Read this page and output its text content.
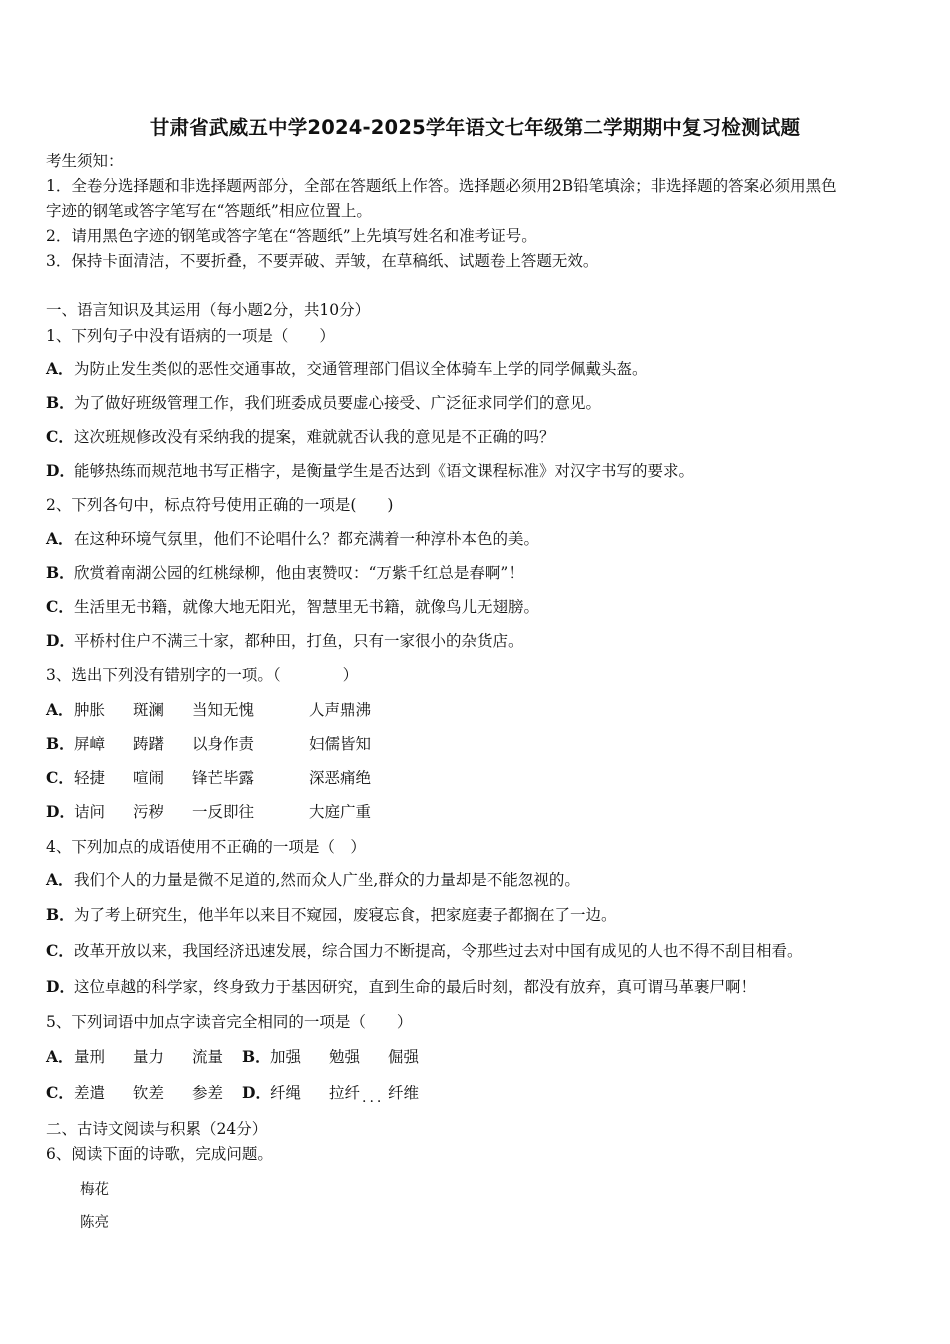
甘肃省武威五中学2024-2025学年语文七年级第二学期期中复习检测试题
考生须知：
1．全卷分选择题和非选择题两部分，全部在答题纸上作答。选择题必须用2B铅笔填涂；非选择题的答案必须用黑色
字迹的钢笔或答字笔写在“答题纸”相应位置上。
2．请用黑色字迹的钢笔或答字笔在“答题纸”上先填写姓名和准考证号。
3．保持卡面清洁，不要折叠，不要弄破、弄皱，在草稿纸、试题卷上答题无效。
一、语言知识及其运用（每小题2分，共10分）
1、下列句子中没有语病的一项是（　　）
A．为防止发生类似的恶性交通事故，交通管理部门倡议全体骑车上学的同学佩戴头盔。
B．为了做好班级管理工作，我们班委成员要虚心接受、广泛征求同学们的意见。
C．这次班规修改没有采纳我的提案，难就就否认我的意见是不正确的吗？
D．能够热练而规范地书写正楷字，是衡量学生是否达到《语文课程标准》对汉字书写的要求。
2、下列各句中，标点符号使用正确的一项是(　　)
A．在这种环境气氛里，他们不论唱什么？都充满着一种淳朴本色的美。
B．欣赏着南湖公园的红桃绿柳，他由衷赞叹：“万紫千红总是春啊”！
C．生活里无书籍，就像大地无阳光，智慧里无书籍，就像鸟儿无翅膀。
D．平桥村住户不满三十家，都种田，打鱼，只有一家很小的杂货店。
3、选出下列没有错别字的一项。（　　　　）
A． 肿胀 斑澜 当知无愧	人声鼎沸
B． 屏嶂 踌躇 以身作责	妇儒皆知
C． 轻捷 喧闹 锋芒毕露	深恶痛绝
D． 诘问 污秽 一反即往	大庭广重
4、下列加点的成语使用不正确的一项是（　）
A．我们个人的力量是微不足道的,然而众人广坐,群众的力量却是不能忽视的。
B．为了考上研究生，他半年以来目不窥园，废寝忘食，把家庭妻子都搁在了一边。
C．改革开放以来，我国经济迅速发展，综合国力不断提高，令那些过去对中国有成见的人也不得不刮目相看。
D．这位卓越的科学家，终身致力于基因研究，直到生命的最后时刻，都没有放弃，真可谓马革裹尸啊！
5、下列词语中加点字读音完全相同的一项是（　　）
A． 量刑 量力 流量 B． 加强 勉强 倔强
C． 差遣 钦差 参差 D． 纤绳 拉纤 纤维
...
二、古诗文阅读与积累（24分）
6、阅读下面的诗歌，完成问题。
梅花
陈亮
